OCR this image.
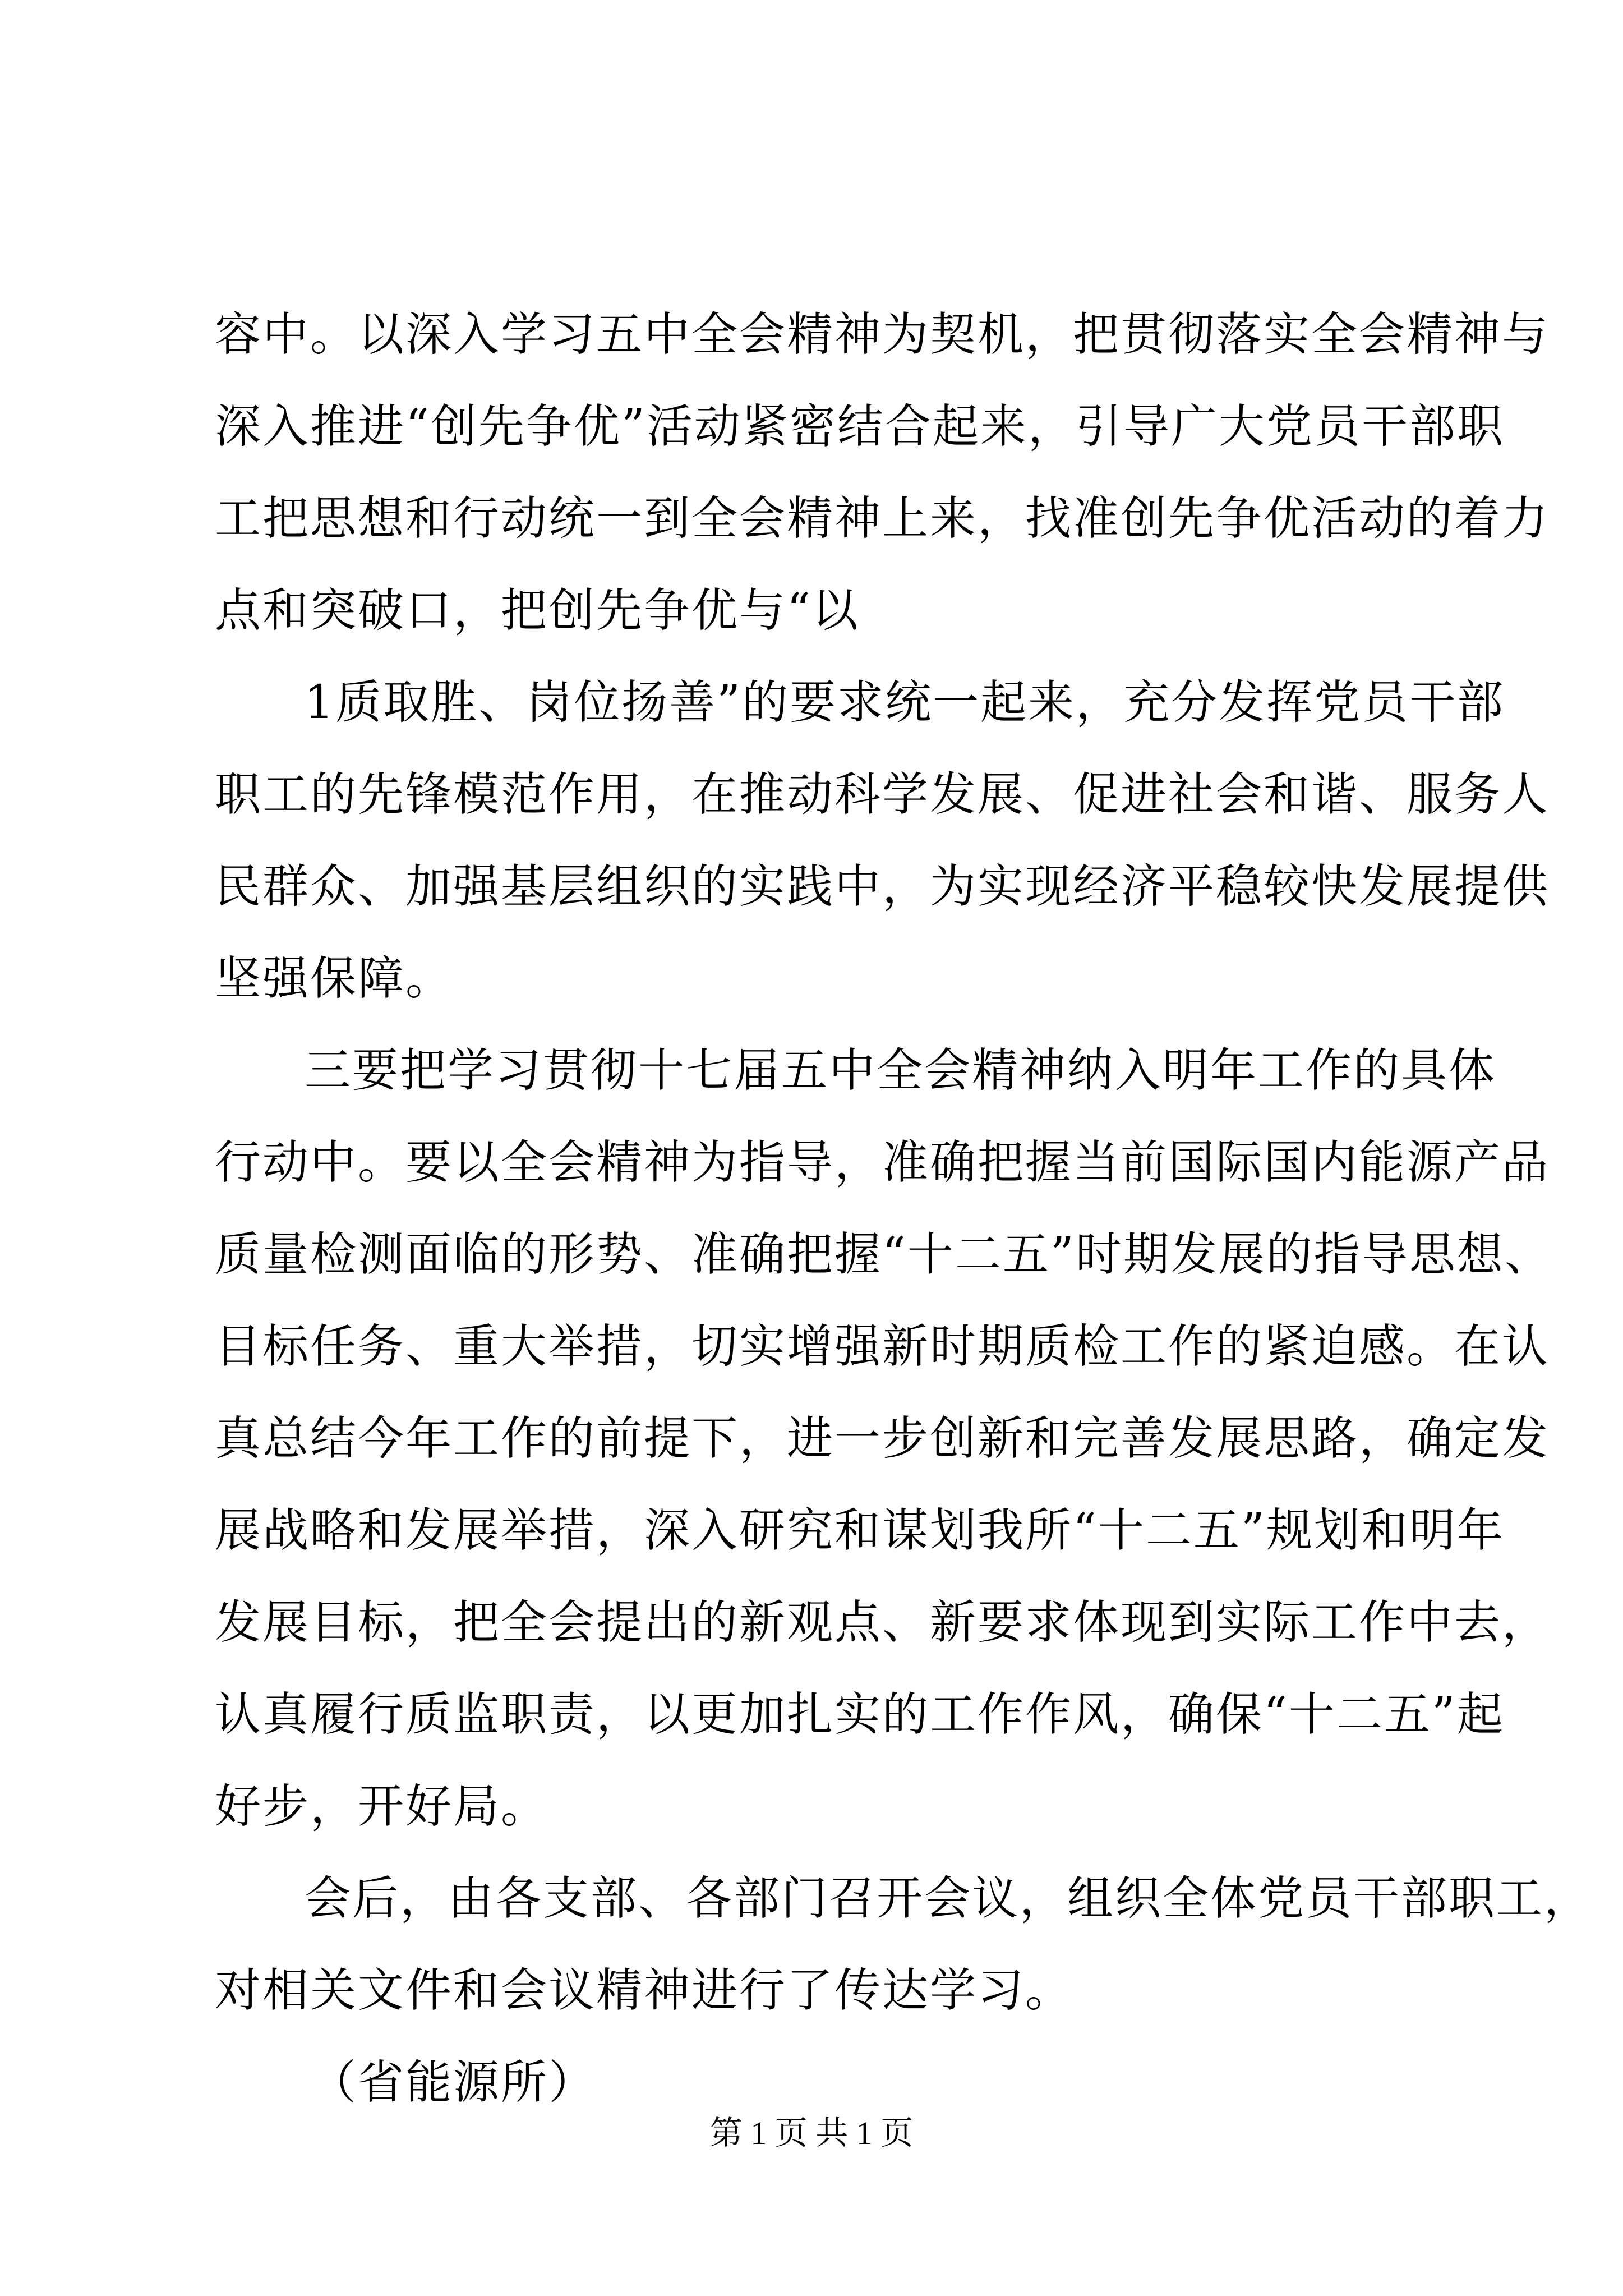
容中。以深入学习五中全会精神为契机，把贯彻落实全会精神与
深入推进“创先争优”活动紧密结合起来，引导广大党员干部职
工把思想和行动统一到全会精神上来，找准创先争优活动的着力
点和突破口，把创先争优与“以
1质取胜、岗位扬善”的要求统一起来，充分发挥党员干部
职工的先锋模范作用，在推动科学发展、促进社会和谐、服务人
民群众、加强基层组织的实践中，为实现经济平稳较快发展提供
坚强保障。
三要把学习贯彻十七届五中全会精神纳入明年工作的具体
行动中。要以全会精神为指导，准确把握当前国际国内能源产品
质量检测面临的形势、准确把握“十二五”时期发展的指导思想、
目标任务、重大举措，切实增强新时期质检工作的紧迫感。在认
真总结今年工作的前提下，进一步创新和完善发展思路，确定发
展战略和发展举措，深入研究和谋划我所“十二五”规划和明年
发展目标，把全会提出的新观点、新要求体现到实际工作中去，
认真履行质监职责，以更加扎实的工作作风，确保“十二五”起
好步，开好局。
会后，由各支部、各部门召开会议，组织全体党员干部职工，
对相关文件和会议精神进行了传达学习。
（省能源所）
第 1 页 共 1 页
